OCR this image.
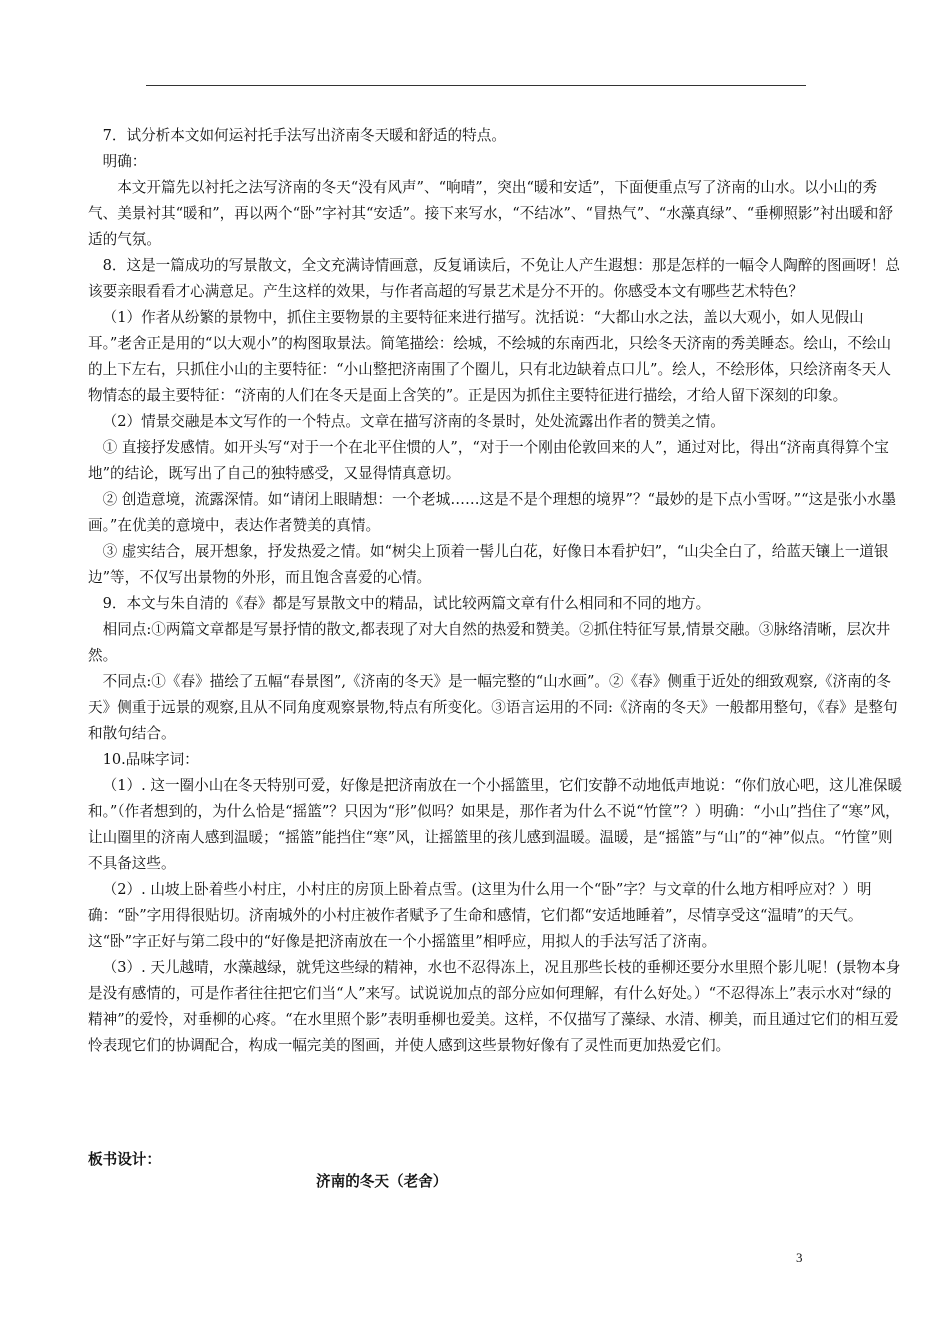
7．试分析本文如何运衬托手法写出济南冬天暖和舒适的特点。

明确：

本文开篇先以衬托之法写济南的冬天“没有风声”、“响晴”，突出“暖和安适”，下面便重点写了济南的山水。以小山的秀气、美景衬其“暖和”，再以两个“卧”字衬其“安适”。接下来写水，“不结冰”、“冒热气”、“水藻真绿”、“垂柳照影”衬出暖和舒适的气氛。

8．这是一篇成功的写景散文，全文充满诗情画意，反复诵读后，不免让人产生遐想：那是怎样的一幅令人陶醉的图画呀！总该要亲眼看看才心满意足。产生这样的效果，与作者高超的写景艺术是分不开的。你感受本文有哪些艺术特色？

（1）作者从纷繁的景物中，抓住主要物景的主要特征来进行描写。沈括说：“大都山水之法，盖以大观小，如人见假山耳。”老舍正是用的“以大观小”的构图取景法。简笔描绘：绘城，不绘城的东南西北，只绘冬天济南的秀美睡态。绘山，不绘山的上下左右，只抓住小山的主要特征：“小山整把济南围了个圈儿，只有北边缺着点口儿”。绘人，不绘形体，只绘济南冬天人物情态的最主要特征：“济南的人们在冬天是面上含笑的”。正是因为抓住主要特征进行描绘，才给人留下深刻的印象。

（2）情景交融是本文写作的一个特点。文章在描写济南的冬景时，处处流露出作者的赞美之情。

① 直接抒发感情。如开头写“对于一个在北平住惯的人”，“对于一个刚由伦敦回来的人”，通过对比，得出“济南真得算个宝地”的结论，既写出了自己的独特感受，又显得情真意切。

② 创造意境，流露深情。如“请闭上眼睛想：一个老城……这是不是个理想的境界”？“最妙的是下点小雪呀。”“这是张小水墨画。”在优美的意境中，表达作者赞美的真情。

③ 虚实结合，展开想象，抒发热爱之情。如“树尖上顶着一髻儿白花，好像日本看护妇”，“山尖全白了，给蓝天镶上一道银边”等，不仅写出景物的外形，而且饱含喜爱的心情。

9．本文与朱自清的《春》都是写景散文中的精品，试比较两篇文章有什么相同和不同的地方。

相同点:①两篇文章都是写景抒情的散文,都表现了对大自然的热爱和赞美。②抓住特征写景,情景交融。③脉络清晰，层次井然。

不同点:①《春》描绘了五幅“春景图”,《济南的冬天》是一幅完整的“山水画”。②《春》侧重于近处的细致观察,《济南的冬天》侧重于远景的观察,且从不同角度观察景物,特点有所变化。③语言运用的不同:《济南的冬天》一般都用整句，《春》是整句和散句结合。

10.品味字词：

（1）. 这一圈小山在冬天特别可爱，好像是把济南放在一个小摇篮里，它们安静不动地低声地说：“你们放心吧，这儿准保暖和。”（作者想到的，为什么恰是“摇篮”？只因为“形”似吗？如果是，那作者为什么不说“竹筐”？）明确：“小山”挡住了“寒”风，让山圈里的济南人感到温暖；“摇篮”能挡住“寒”风，让摇篮里的孩儿感到温暖。温暖，是“摇篮”与“山”的“神”似点。“竹筐”则不具备这些。

（2）. 山坡上卧着些小村庄，小村庄的房顶上卧着点雪。(这里为什么用一个“卧”字？与文章的什么地方相呼应对？）明确：“卧”字用得很贴切。济南城外的小村庄被作者赋予了生命和感情，它们都“安适地睡着”，尽情享受这“温晴”的天气。这“卧”字正好与第二段中的“好像是把济南放在一个小摇篮里”相呼应，用拟人的手法写活了济南。

（3）. 天儿越晴，水藻越绿，就凭这些绿的精神，水也不忍得冻上，况且那些长枝的垂柳还要分水里照个影儿呢！(景物本身是没有感情的，可是作者往往把它们当“人”来写。试说说加点的部分应如何理解，有什么好处。）“不忍得冻上”表示水对“绿的精神”的爱怜，对垂柳的心疼。“在水里照个影”表明垂柳也爱美。这样，不仅描写了藻绿、水清、柳美，而且通过它们的相互爱怜表现它们的协调配合，构成一幅完美的图画，并使人感到这些景物好像有了灵性而更加热爱它们。

板书设计：
济南的冬天（老舍）
3
